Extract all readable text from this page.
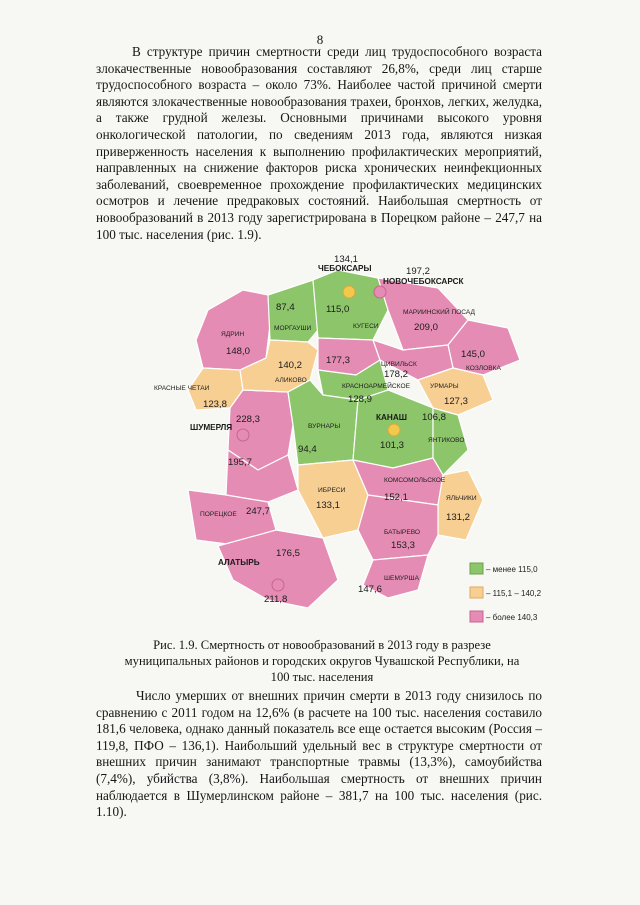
8

В структуре причин смертности среди лиц трудоспособного возраста злокачественные новообразования составляют 26,8%, среди лиц старше трудоспособного возраста – около 73%. Наиболее частой причиной смерти являются злокачественные новообразования трахеи, бронхов, легких, желудка, а также грудной железы. Основными причинами высокого уровня онкологической патологии, по сведениям 2013 года, являются низкая приверженность населения к выполнению профилактических мероприятий, направленных на снижение факторов риска хронических неинфекционных заболеваний, своевременное прохождение профилактических медицинских осмотров и лечение предраковых состояний. Наибольшая смертность от новообразований в 2013 году зарегистрирована в Порецком районе – 247,7 на 100 тыс. населения (рис. 1.9).

134,1
ЧЕБОКСАРЫ	197,2
НОВОЧЕБОКСАРСК
ШУМЕРЛЯ
228,3	КАНАШ
101,3
АЛАТЫРЬ
211,8
МОРГАУШИ
87,4
КУГЕСИ
115,0	МАРИИНСКИЙ ПОСАД
209,0
ЯДРИН
148,0
КОЗЛОВКА
145,0
АЛИКОВО
140,2	ЦИВИЛЬСК
178,2
КРАСНОАРМЕЙСКОЕ
177,3
КРАСНЫЕ ЧЕТАИ
123,8
УРМАРЫ
127,3
128,9
ВУРНАРЫ
94,4
ЯНТИКОВО
106,8
195,7
ИБРЕСИ
133,1
КОМСОМОЛЬСКОЕ
152,1	ЯЛЬЧИКИ
131,2
ПОРЕЦКОЕ 247,7
БАТЫРЕВО
153,3
176,5
ШЕМУРША
147,6
– менее 115,0
– 115,1 – 140,2
– более 140,3

Рис. 1.9. Смертность от новообразований в 2013 году в разрезе муниципальных районов и городских округов Чувашской Республики, на 100 тыс. населения

Число умерших от внешних причин смерти в 2013 году снизилось по сравнению с 2011 годом на 12,6% (в расчете на 100 тыс. населения составило 181,6 человека, однако данный показатель все еще остается высоким (Россия – 119,8, ПФО – 136,1). Наибольший удельный вес в структуре смертности от внешних причин занимают транспортные травмы (13,3%), самоубийства (7,4%), убийства (3,8%). Наибольшая смертность от внешних причин наблюдается в Шумерлинском районе – 381,7 на 100 тыс. населения (рис. 1.10).
